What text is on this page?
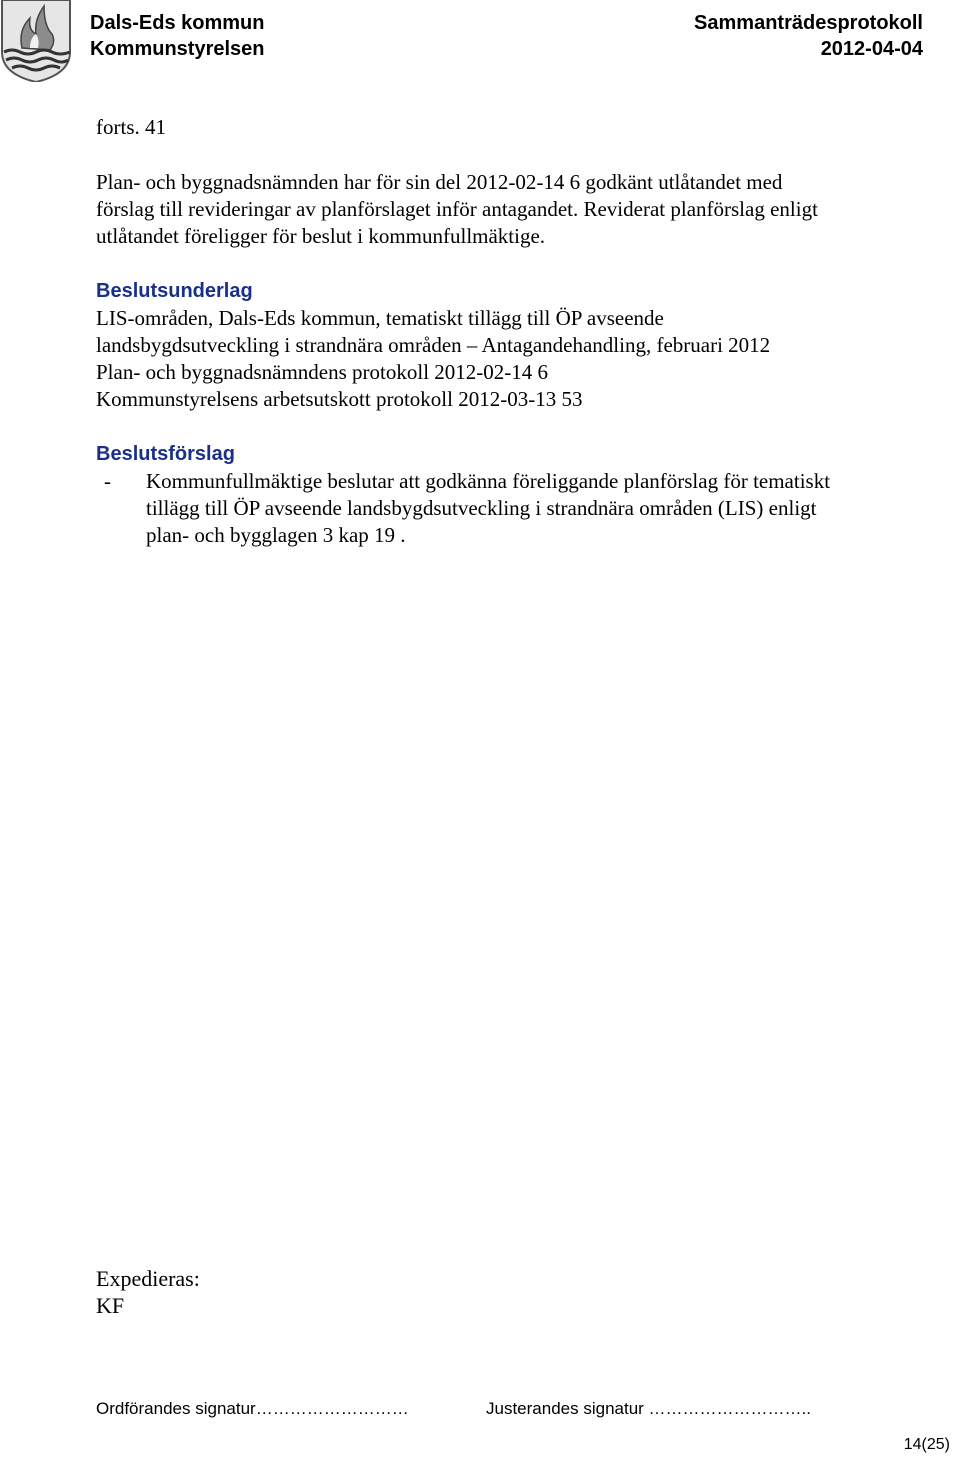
Dals-Eds kommun
Kommunstyrelsen
Sammanträdesprotokoll
2012-04-04
forts. 41
Plan- och byggnadsnämnden har för sin del 2012-02-14 6 godkänt utlåtandet med
förslag till revideringar av planförslaget inför antagandet. Reviderat planförslag enligt
utlåtandet föreligger för beslut i kommunfullmäktige.
Beslutsunderlag
LIS-områden, Dals-Eds kommun, tematiskt tillägg till ÖP avseende
landsbygdsutveckling i strandnära områden – Antagandehandling, februari 2012
Plan- och byggnadsnämndens protokoll 2012-02-14 6
Kommunstyrelsens arbetsutskott protokoll 2012-03-13 53
Beslutsförslag
- Kommunfullmäktige beslutar att godkänna föreliggande planförslag för tematiskt
tillägg till ÖP avseende landsbygdsutveckling i strandnära områden (LIS) enligt
plan- och bygglagen 3 kap 19 .
Expedieras:
KF
Ordförandes signatur………………………	Justerandes signatur ………………………..
14(25)
